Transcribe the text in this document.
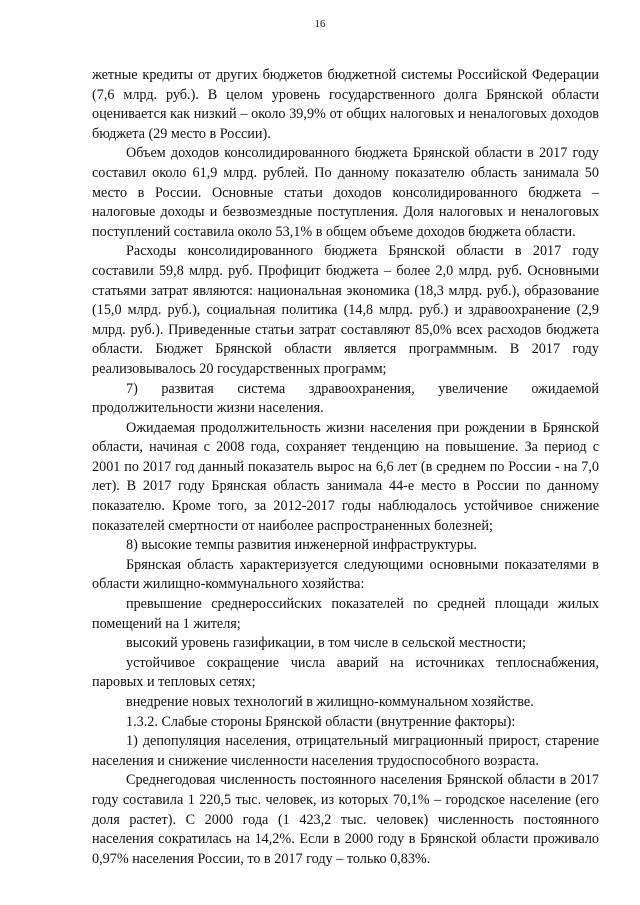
16

жетные кредиты от других бюджетов бюджетной системы Российской Федерации (7,6 млрд. руб.). В целом уровень государственного долга Брянской области оценивается как низкий – около 39,9% от общих налоговых и неналоговых доходов бюджета (29 место в России).

Объем доходов консолидированного бюджета Брянской области в 2017 году составил около 61,9 млрд. рублей. По данному показателю область занимала 50 место в России. Основные статьи доходов консолидированного бюджета – налоговые доходы и безвозмездные поступления. Доля налоговых и неналоговых поступлений составила около 53,1% в общем объеме доходов бюджета области.

Расходы консолидированного бюджета Брянской области в 2017 году составили 59,8 млрд. руб. Профицит бюджета – более 2,0 млрд. руб. Основными статьями затрат являются: национальная экономика (18,3 млрд. руб.), образование (15,0 млрд. руб.), социальная политика (14,8 млрд. руб.) и здравоохранение (2,9 млрд. руб.). Приведенные статьи затрат составляют 85,0% всех расходов бюджета области. Бюджет Брянской области является программным. В 2017 году реализовывалось 20 государственных программ;

7) развитая система здравоохранения, увеличение ожидаемой продолжительности жизни населения.

Ожидаемая продолжительность жизни населения при рождении в Брянской области, начиная с 2008 года, сохраняет тенденцию на повышение. За период с 2001 по 2017 год данный показатель вырос на 6,6 лет (в среднем по России - на 7,0 лет). В 2017 году Брянская область занимала 44-е место в России по данному показателю. Кроме того, за 2012-2017 годы наблюдалось устойчивое снижение показателей смертности от наиболее распространенных болезней;

8) высокие темпы развития инженерной инфраструктуры.

Брянская область характеризуется следующими основными показателями в области жилищно-коммунального хозяйства:

превышение среднероссийских показателей по средней площади жилых помещений на 1 жителя;

высокий уровень газификации, в том числе в сельской местности;

устойчивое сокращение числа аварий на источниках теплоснабжения, паровых и тепловых сетях;

внедрение новых технологий в жилищно-коммунальном хозяйстве.

1.3.2. Слабые стороны Брянской области (внутренние факторы):

1) депопуляция населения, отрицательный миграционный прирост, старение населения и снижение численности населения трудоспособного возраста.

Среднегодовая численность постоянного населения Брянской области в 2017 году составила 1 220,5 тыс. человек, из которых 70,1% – городское население (его доля растет). С 2000 года (1 423,2 тыс. человек) численность постоянного населения сократилась на 14,2%. Если в 2000 году в Брянской области проживало 0,97% населения России, то в 2017 году – только 0,83%.
